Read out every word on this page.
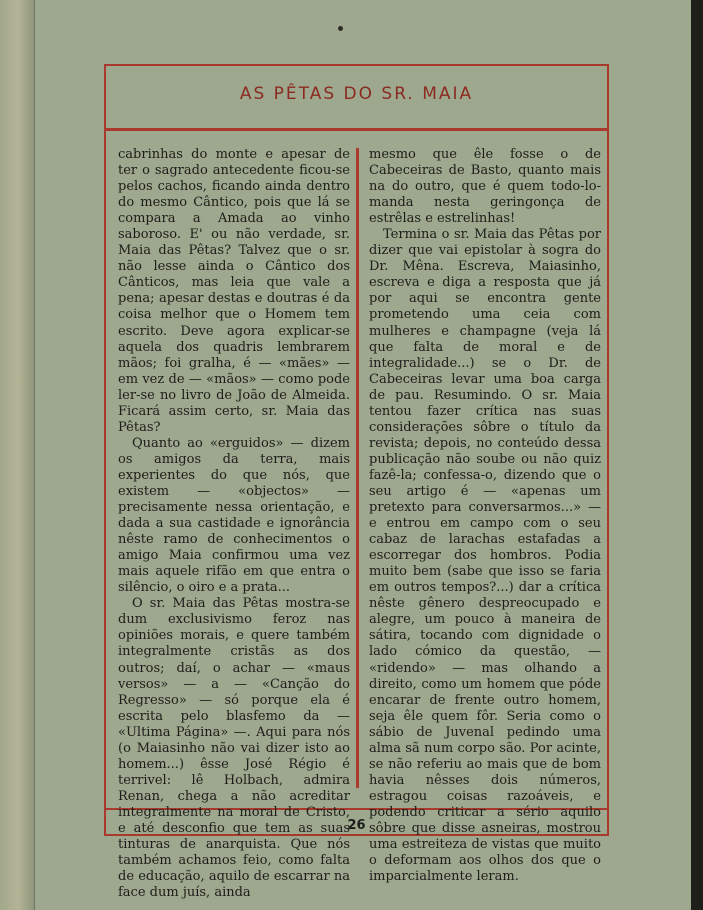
AS PÊTAS DO SR. MAIA

cabrinhas do monte e apesar de ter o sagrado antecedente ficou-se pelos cachos, ficando ainda dentro do mesmo Cântico, pois que lá se compara a Amada ao vinho saboroso. E' ou não verdade, sr. Maia das Pêtas? Talvez que o sr. não lesse ainda o Cântico dos Cânticos, mas leia que vale a pena; apesar destas e doutras é da coisa melhor que o Homem tem escrito. Deve agora explicar-se aquela dos quadris lembrarem mãos; foi gralha, é — «mães» — em vez de — «mãos» — como pode ler-se no livro de João de Almeida. Ficará assim certo, sr. Maia das Pêtas?

Quanto ao «erguidos» — dizem os amigos da terra, mais experientes do que nós, que existem — «objectos» — precisamente nessa orientação, e dada a sua castidade e ignorância nêste ramo de conhecimentos o amigo Maia confirmou uma vez mais aquele rifão em que entra o silêncio, o oiro e a prata...

O sr. Maia das Pêtas mostra-se dum exclusivismo feroz nas opiniões morais, e quere também integralmente cristãs as dos outros; daí, o achar — «maus versos» — a — «Canção do Regresso» — só porque ela é escrita pelo blasfemo da — «Ultima Página» —. Aqui para nós (o Maiasinho não vai dizer isto ao homem...) êsse José Régio é terrivel: lê Holbach, admira Renan, chega a não acreditar integralmente na moral de Cristo, e até desconfio que tem as suas tinturas de anarquista. Que nós também achamos feio, como falta de educação, aquilo de escarrar na face dum juís, ainda

mesmo que êle fosse o de Cabeceiras de Basto, quanto mais na do outro, que é quem todo-lo-manda nesta geringonça de estrêlas e estrelinhas!

Termina o sr. Maia das Pêtas por dizer que vai epistolar à sogra do Dr. Mêna. Escreva, Maiasinho, escreva e diga a resposta que já por aqui se encontra gente prometendo uma ceia com mulheres e champagne (veja lá que falta de moral e de integralidade...) se o Dr. de Cabeceiras levar uma boa carga de pau. Resumindo. O sr. Maia tentou fazer crítica nas suas considerações sôbre o título da revista; depois, no conteúdo dessa publicação não soube ou não quiz fazê-la; confessa-o, dizendo que o seu artigo é — «apenas um pretexto para conversarmos...» — e entrou em campo com o seu cabaz de larachas estafadas a escorregar dos hombros. Podia muito bem (sabe que isso se faria em outros tempos?...) dar a crítica nêste gênero despreocupado e alegre, um pouco à maneira de sátira, tocando com dignidade o lado cómico da questão, — «ridendo» — mas olhando a direito, como um homem que póde encarar de frente outro homem, seja êle quem fôr. Seria como o sábio de Juvenal pedindo uma alma sã num corpo são. Por acinte, se não referiu ao mais que de bom havia nêsses dois números, estragou coisas razoáveis, e podendo criticar a sério aquilo sôbre que disse asneiras, mostrou uma estreiteza de vistas que muito o deformam aos olhos dos que o imparcialmente leram.

26
